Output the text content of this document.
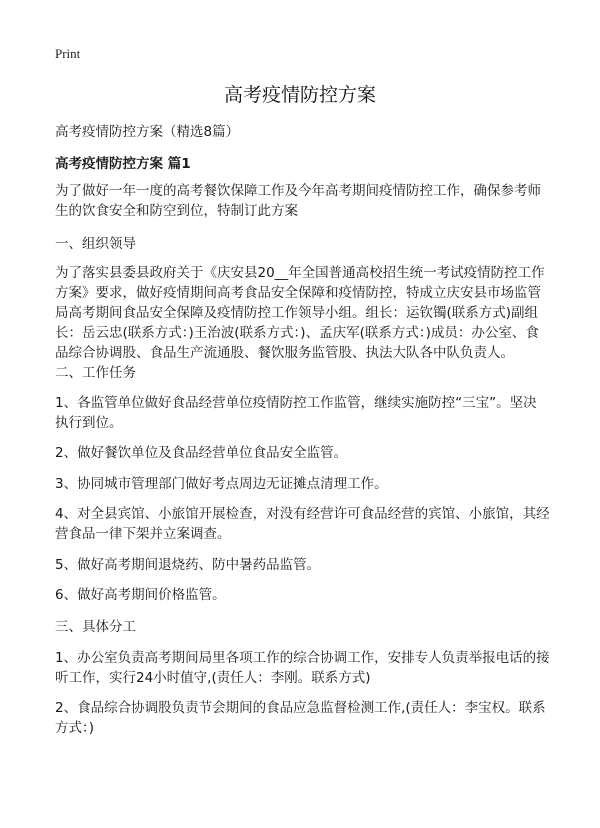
Print
高考疫情防控方案
高考疫情防控方案（精选8篇）
高考疫情防控方案 篇1

为了做好一年一度的高考餐饮保障工作及今年高考期间疫情防控工作，确保参考师生的饮食安全和防空到位，特制订此方案

一、组织领导

为了落实县委县政府关于《庆安县20__年全国普通高校招生统一考试疫情防控工作方案》要求，做好疫情期间高考食品安全保障和疫情防控，特成立庆安县市场监管局高考期间食品安全保障及疫情防控工作领导小组。组长：运钦镯(联系方式)副组长：岳云忠(联系方式：)王治波(联系方式：)、孟庆军(联系方式：)成员：办公室、食品综合协调股、食品生产流通股、餐饮服务监管股、执法大队各中队负责人。

二、工作任务

1、各监管单位做好食品经营单位疫情防控工作监管，继续实施防控“三宝”。坚决执行到位。

2、做好餐饮单位及食品经营单位食品安全监管。

3、协同城市管理部门做好考点周边无证摊点清理工作。

4、对全县宾馆、小旅馆开展检查，对没有经营许可食品经营的宾馆、小旅馆，其经营食品一律下架并立案调查。

5、做好高考期间退烧药、防中暑药品监管。

6、做好高考期间价格监管。

三、具体分工

1、办公室负责高考期间局里各项工作的综合协调工作，安排专人负责举报电话的接听工作，实行24小时值守,(责任人：李刚。联系方式)

2、食品综合协调股负责节会期间的食品应急监督检测工作,(责任人：李宝权。联系方式：)
